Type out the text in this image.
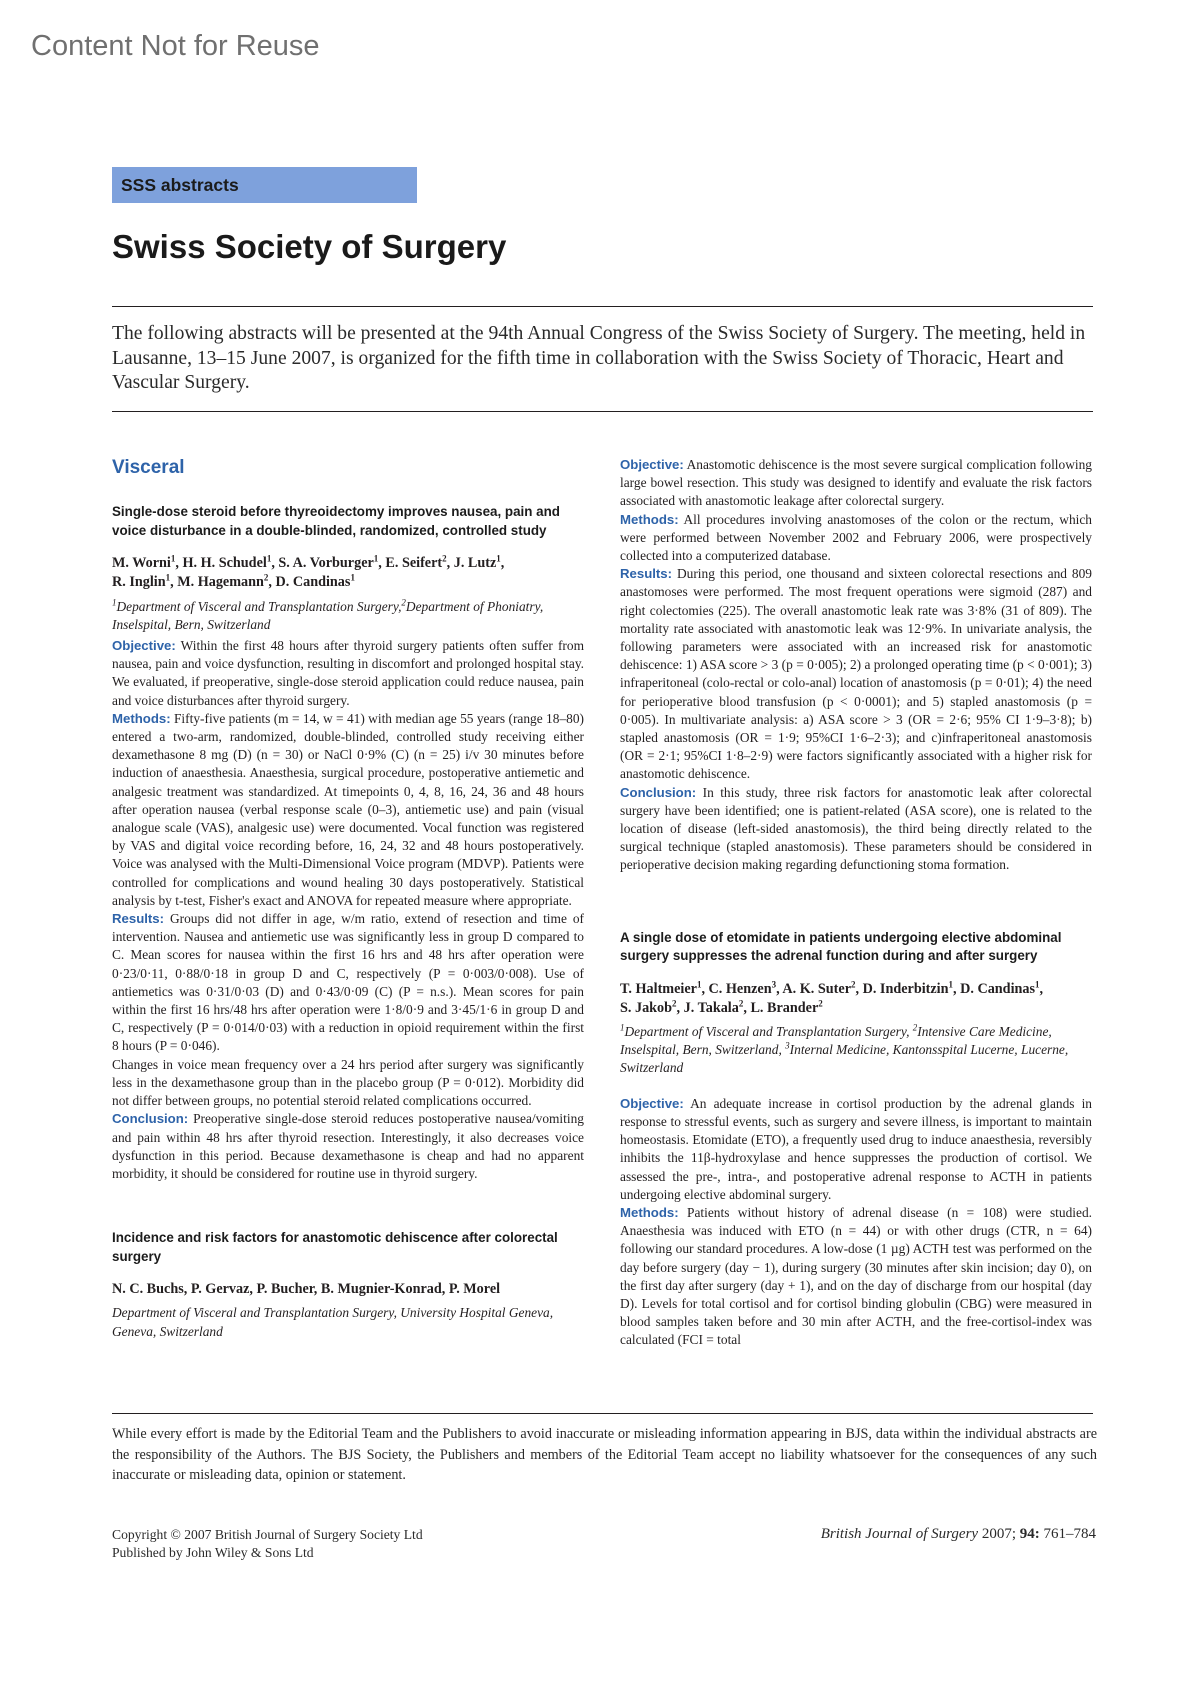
Content Not for Reuse
SSS abstracts
Swiss Society of Surgery

The following abstracts will be presented at the 94th Annual Congress of the Swiss Society of Surgery. The meeting, held in Lausanne, 13–15 June 2007, is organized for the fifth time in collaboration with the Swiss Society of Thoracic, Heart and Vascular Surgery.

Visceral
Single-dose steroid before thyreoidectomy improves nausea, pain and voice disturbance in a double-blinded, randomized, controlled study
M. Worni$^1$, H. H. Schudel$^1$, S. A. Vorburger$^1$, E. Seifert$^2$, J. Lutz$^1$,
R. Inglin$^1$, M. Hagemann$^2$, D. Candinas$^1$
$^1$Department of Visceral and Transplantation Surgery,$^2$Department of Phoniatry, Inselspital, Bern, Switzerland

Objective: Within the first 48 hours after thyroid surgery patients often suffer from nausea, pain and voice dysfunction, resulting in discomfort and prolonged hospital stay. We evaluated, if preoperative, single-dose steroid application could reduce nausea, pain and voice disturbances after thyroid surgery.

Methods: Fifty-five patients (m = 14, w = 41) with median age 55 years (range 18–80) entered a two-arm, randomized, double-blinded, controlled study receiving either dexamethasone 8 mg (D) (n = 30) or NaCl 0·9% (C) (n = 25) i/v 30 minutes before induction of anaesthesia. Anaesthesia, surgical procedure, postoperative antiemetic and analgesic treatment was standardized. At timepoints 0, 4, 8, 16, 24, 36 and 48 hours after operation nausea (verbal response scale (0–3), antiemetic use) and pain (visual analogue scale (VAS), analgesic use) were documented. Vocal function was registered by VAS and digital voice recording before, 16, 24, 32 and 48 hours postoperatively. Voice was analysed with the Multi-Dimensional Voice program (MDVP). Patients were controlled for complications and wound healing 30 days postoperatively. Statistical analysis by t-test, Fisher's exact and ANOVA for repeated measure where appropriate.

Results: Groups did not differ in age, w/m ratio, extend of resection and time of intervention. Nausea and antiemetic use was significantly less in group D compared to C. Mean scores for nausea within the first 16 hrs and 48 hrs after operation were 0·23/0·11, 0·88/0·18 in group D and C, respectively (P = 0·003/0·008). Use of antiemetics was 0·31/0·03 (D) and 0·43/0·09 (C) (P = n.s.). Mean scores for pain within the first 16 hrs/48 hrs after operation were 1·8/0·9 and 3·45/1·6 in group D and C, respectively (P = 0·014/0·03) with a reduction in opioid requirement within the first 8 hours (P = 0·046).

Changes in voice mean frequency over a 24 hrs period after surgery was significantly less in the dexamethasone group than in the placebo group (P = 0·012). Morbidity did not differ between groups, no potential steroid related complications occurred.

Conclusion: Preoperative single-dose steroid reduces postoperative nausea/vomiting and pain within 48 hrs after thyroid resection. Interestingly, it also decreases voice dysfunction in this period. Because dexamethasone is cheap and had no apparent morbidity, it should be considered for routine use in thyroid surgery.

Incidence and risk factors for anastomotic dehiscence after colorectal surgery
N. C. Buchs, P. Gervaz, P. Bucher, B. Mugnier-Konrad, P. Morel
Department of Visceral and Transplantation Surgery, University Hospital Geneva, Geneva, Switzerland

Objective: Anastomotic dehiscence is the most severe surgical complication following large bowel resection. This study was designed to identify and evaluate the risk factors associated with anastomotic leakage after colorectal surgery.

Methods: All procedures involving anastomoses of the colon or the rectum, which were performed between November 2002 and February 2006, were prospectively collected into a computerized database.

Results: During this period, one thousand and sixteen colorectal resections and 809 anastomoses were performed. The most frequent operations were sigmoid (287) and right colectomies (225). The overall anastomotic leak rate was 3·8% (31 of 809). The mortality rate associated with anastomotic leak was 12·9%. In univariate analysis, the following parameters were associated with an increased risk for anastomotic dehiscence: 1) ASA score > 3 (p = 0·005); 2) a prolonged operating time (p < 0·001); 3) infraperitoneal (colo-rectal or colo-anal) location of anastomosis (p = 0·01); 4) the need for perioperative blood transfusion (p < 0·0001); and 5) stapled anastomosis (p = 0·005). In multivariate analysis: a) ASA score > 3 (OR = 2·6; 95% CI 1·9–3·8); b) stapled anastomosis (OR = 1·9; 95%CI 1·6–2·3); and c)infraperitoneal anastomosis (OR = 2·1; 95%CI 1·8–2·9) were factors significantly associated with a higher risk for anastomotic dehiscence.

Conclusion: In this study, three risk factors for anastomotic leak after colorectal surgery have been identified; one is patient-related (ASA score), one is related to the location of disease (left-sided anastomosis), the third being directly related to the surgical technique (stapled anastomosis). These parameters should be considered in perioperative decision making regarding defunctioning stoma formation.

A single dose of etomidate in patients undergoing elective abdominal surgery suppresses the adrenal function during and after surgery
T. Haltmeier$^1$, C. Henzen$^3$, A. K. Suter$^2$, D. Inderbitzin$^1$, D. Candinas$^1$,
S. Jakob$^2$, J. Takala$^2$, L. Brander$^2$
$^1$Department of Visceral and Transplantation Surgery, $^2$Intensive Care Medicine, Inselspital, Bern, Switzerland, $^3$Internal Medicine, Kantonsspital Lucerne, Lucerne, Switzerland

Objective: An adequate increase in cortisol production by the adrenal glands in response to stressful events, such as surgery and severe illness, is important to maintain homeostasis. Etomidate (ETO), a frequently used drug to induce anaesthesia, reversibly inhibits the 11β-hydroxylase and hence suppresses the production of cortisol. We assessed the pre-, intra-, and postoperative adrenal response to ACTH in patients undergoing elective abdominal surgery.

Methods: Patients without history of adrenal disease (n = 108) were studied. Anaesthesia was induced with ETO (n = 44) or with other drugs (CTR, n = 64) following our standard procedures. A low-dose (1 µg) ACTH test was performed on the day before surgery (day − 1), during surgery (30 minutes after skin incision; day 0), on the first day after surgery (day + 1), and on the day of discharge from our hospital (day D). Levels for total cortisol and for cortisol binding globulin (CBG) were measured in blood samples taken before and 30 min after ACTH, and the free-cortisol-index was calculated (FCI = total

While every effort is made by the Editorial Team and the Publishers to avoid inaccurate or misleading information appearing in BJS, data within the individual abstracts are the responsibility of the Authors. The BJS Society, the Publishers and members of the Editorial Team accept no liability whatsoever for the consequences of any such inaccurate or misleading data, opinion or statement.

Copyright © 2007 British Journal of Surgery Society Ltd
Published by John Wiley & Sons Ltd
British Journal of Surgery 2007; 94: 761–784
